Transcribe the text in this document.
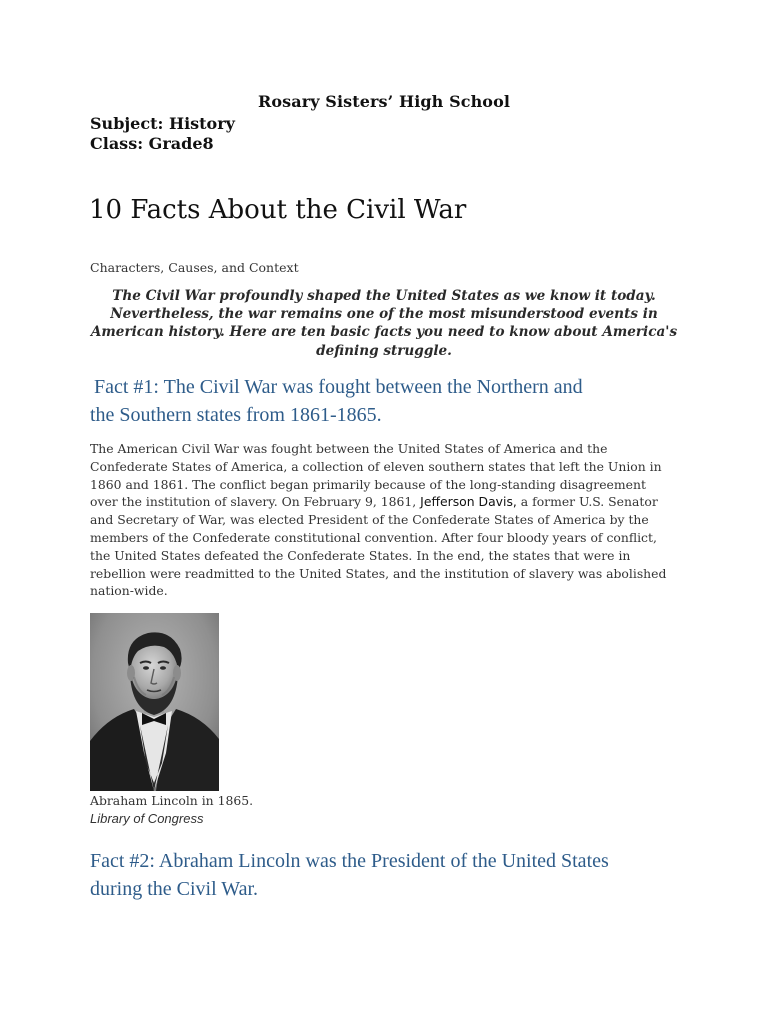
Rosary Sisters’ High School
Subject: History
Class: Grade8
10 Facts About the Civil War
Characters, Causes, and Context
The Civil War profoundly shaped the United States as we know it today. Nevertheless, the war remains one of the most misunderstood events in American history. Here are ten basic facts you need to know about America's defining struggle.
Fact #1: The Civil War was fought between the Northern and
the Southern states from 1861-1865.
The American Civil War was fought between the United States of America and the Confederate States of America, a collection of eleven southern states that left the Union in 1860 and 1861. The conflict began primarily because of the long-standing disagreement over the institution of slavery. On February 9, 1861, Jefferson Davis, a former U.S. Senator and Secretary of War, was elected President of the Confederate States of America by the members of the Confederate constitutional convention. After four bloody years of conflict, the United States defeated the Confederate States. In the end, the states that were in rebellion were readmitted to the United States, and the institution of slavery was abolished nation-wide.
Abraham Lincoln in 1865.
Library of Congress
Fact #2: Abraham Lincoln was the President of the United States
during the Civil War.
